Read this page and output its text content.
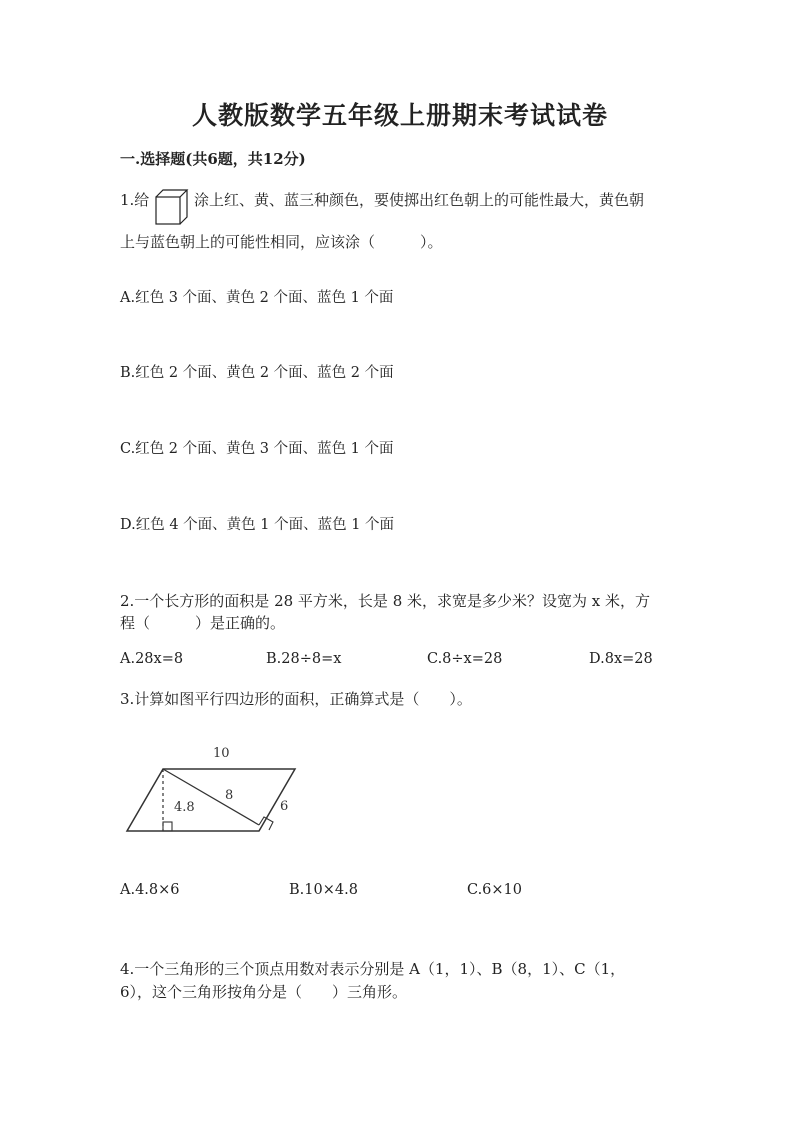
人教版数学五年级上册期末考试试卷
一.选择题(共6题，共12分)
1.给	涂上红、黄、蓝三种颜色，要使掷出红色朝上的可能性最大，黄色朝
上与蓝色朝上的可能性相同，应该涂（　　　）。
A.红色 3 个面、黄色 2 个面、蓝色 1 个面
B.红色 2 个面、黄色 2 个面、蓝色 2 个面
C.红色 2 个面、黄色 3 个面、蓝色 1 个面
D.红色 4 个面、黄色 1 个面、蓝色 1 个面
2.一个长方形的面积是 28 平方米，长是 8 米，求宽是多少米？设宽为 x 米，方
程（　　　）是正确的。
A.28x=8	B.28÷8=x	C.8÷x=28	D.8x=28
3.计算如图平行四边形的面积，正确算式是（　　）。
10
4.8
8
6
A.4.8×6	B.10×4.8	C.6×10
4.一个三角形的三个顶点用数对表示分别是 A（1，1）、B（8，1）、C（1，
6），这个三角形按角分是（　　）三角形。
